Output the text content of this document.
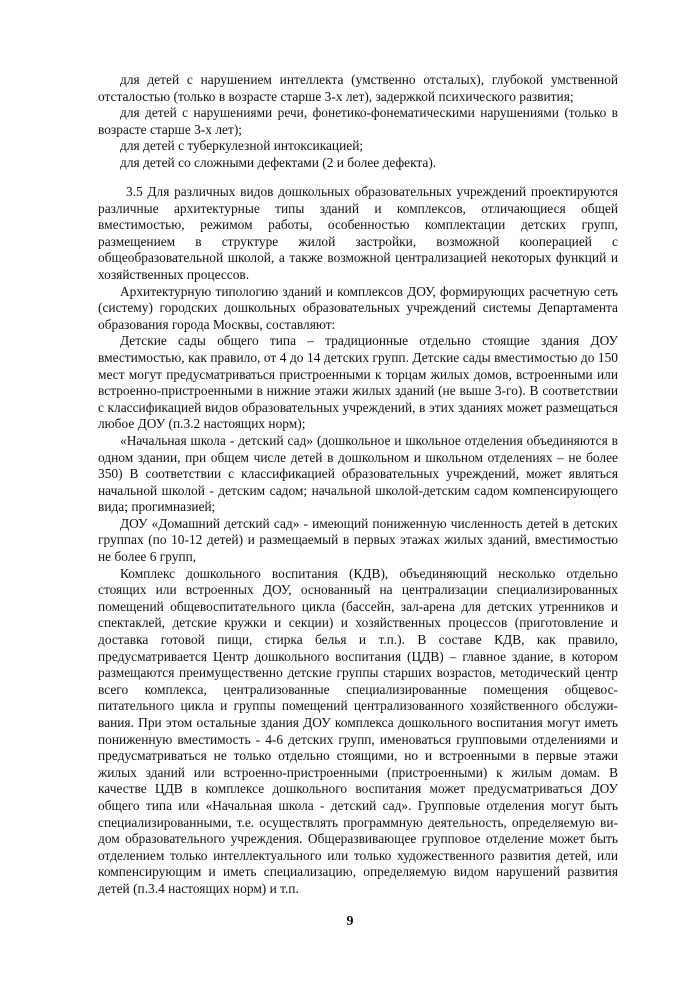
для детей с нарушением интеллекта (умственно отсталых), глубокой умственной отсталостью (только в возрасте старше 3-х лет), задержкой психического развития;

для детей с нарушениями речи, фонетико-фонематическими нарушениями (только в возрасте старше 3-х лет);

для детей с туберкулезной интоксикацией;

для детей со сложными дефектами (2 и более дефекта).

3.5 Для различных видов дошкольных образовательных учреждений проектируются различные архитектурные типы зданий и комплексов, отличающиеся общей вместимостью, режимом работы, особенностью комплектации детских групп, размещением в структуре жилой застройки, возможной кооперацией с общеобразовательной школой, а также возможной централизацией некоторых функций и хозяйственных процессов.

Архитектурную типологию зданий и комплексов ДОУ, формирующих расчетную сеть (систему) городских дошкольных образовательных учреждений системы Департамента образования города Москвы, составляют:

Детские сады общего типа – традиционные отдельно стоящие здания ДОУ вместимостью, как правило, от 4 до 14 детских групп. Детские сады вместимостью до 150 мест могут предусматриваться пристроенными к торцам жилых домов, встроенными или встроенно-пристроенными в нижние этажи жилых зданий (не выше 3-го). В соответствии с классификацией видов образовательных учреждений, в этих зданиях может размещаться любое ДОУ (п.3.2 настоящих норм);

«Начальная школа - детский сад» (дошкольное и школьное отделения объединяются в одном здании, при общем числе детей в дошкольном и школьном отделениях – не более 350) В соответствии с классификацией образовательных учреждений, может являться начальной школой - детским садом; начальной школой-детским садом компенсирующего вида; прогимназией;

ДОУ «Домашний детский сад» - имеющий пониженную численность детей в детских группах (по 10-12 детей) и размещаемый в первых этажах жилых зданий, вместимостью не более 6 групп,

Комплекс дошкольного воспитания (КДВ), объединяющий несколько отдельно стоящих или встроенных ДОУ, основанный на централизации специализированных помещений общевоспитательного цикла (бассейн, зал-арена для детских утренников и спектаклей, детские кружки и секции) и хозяйственных процессов (приготовление и доставка готовой пищи, стирка белья и т.п.). В составе КДВ, как правило, предусматривается Центр дошкольного воспитания (ЦДВ) – главное здание, в котором размещаются преимущественно детские группы старших возрастов, методический центр всего комплекса, централизованные специализированные помещения общевос-питательного цикла и группы помещений централизованного хозяйственного обслужи-вания. При этом остальные здания ДОУ комплекса дошкольного воспитания могут иметь пониженную вместимость - 4-6 детских групп, именоваться групповыми отделениями и предусматриваться не только отдельно стоящими, но и встроенными в первые этажи жилых зданий или встроенно-пристроенными (пристроенными) к жилым домам. В качестве ЦДВ в комплексе дошкольного воспитания может предусматриваться ДОУ общего типа или «Начальная школа - детский сад». Групповые отделения могут быть специализированными, т.е. осуществлять программную деятельность, определяемую ви-дом образовательного учреждения. Общеразвивающее групповое отделение может быть отделением только интеллектуального или только художественного развития детей, или компенсирующим и иметь специализацию, определяемую видом нарушений развития детей (п.3.4 настоящих норм) и т.п.

9
